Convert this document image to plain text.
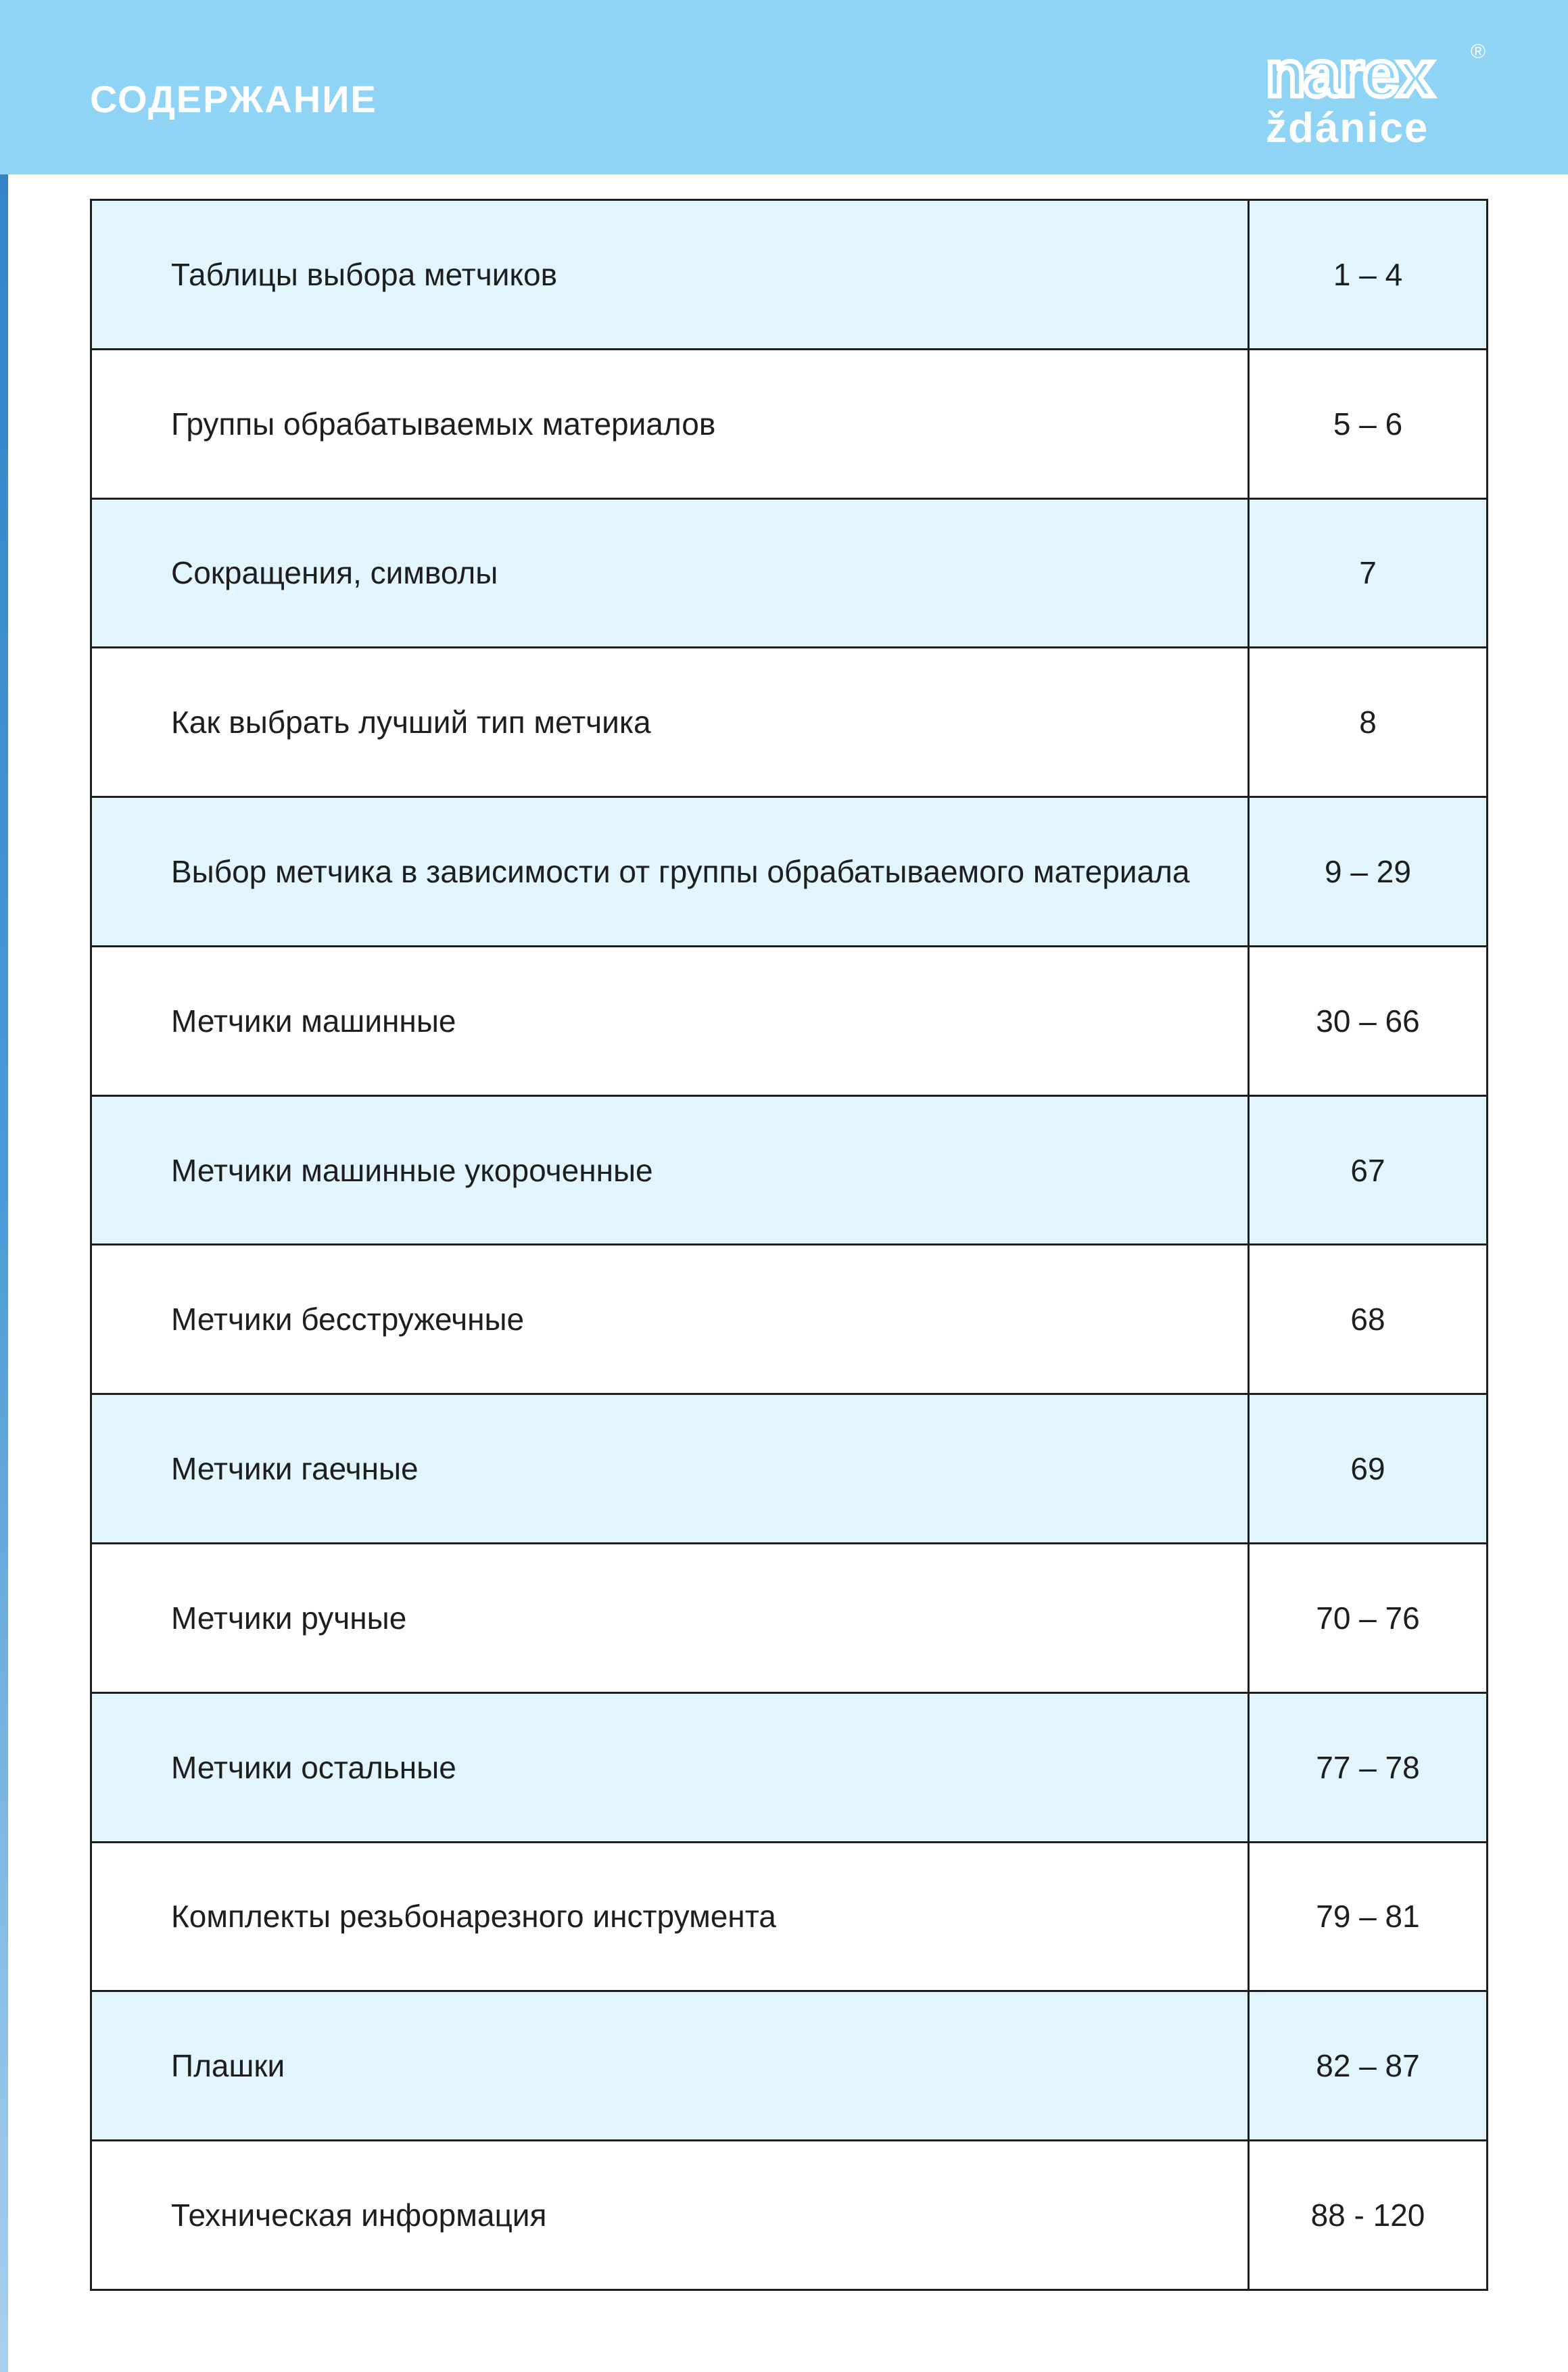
СОДЕРЖАНИЕ	narex
ždánice
®
Таблицы выбора метчиков	1 – 4
Группы обрабатываемых материалов	5 – 6
Сокращения, символы	7
Как выбрать лучший тип метчика	8
Выбор метчика в зависимости от группы обрабатываемого материала	9 – 29
Метчики машинные	30 – 66
Метчики машинные укороченные	67
Метчики бесстружечные	68
Метчики гаечные	69
Метчики ручные	70 – 76
Метчики остальные	77 – 78
Комплекты резьбонарезного инструмента	79 – 81
Плашки	82 – 87
Техническая информация	88 - 120
